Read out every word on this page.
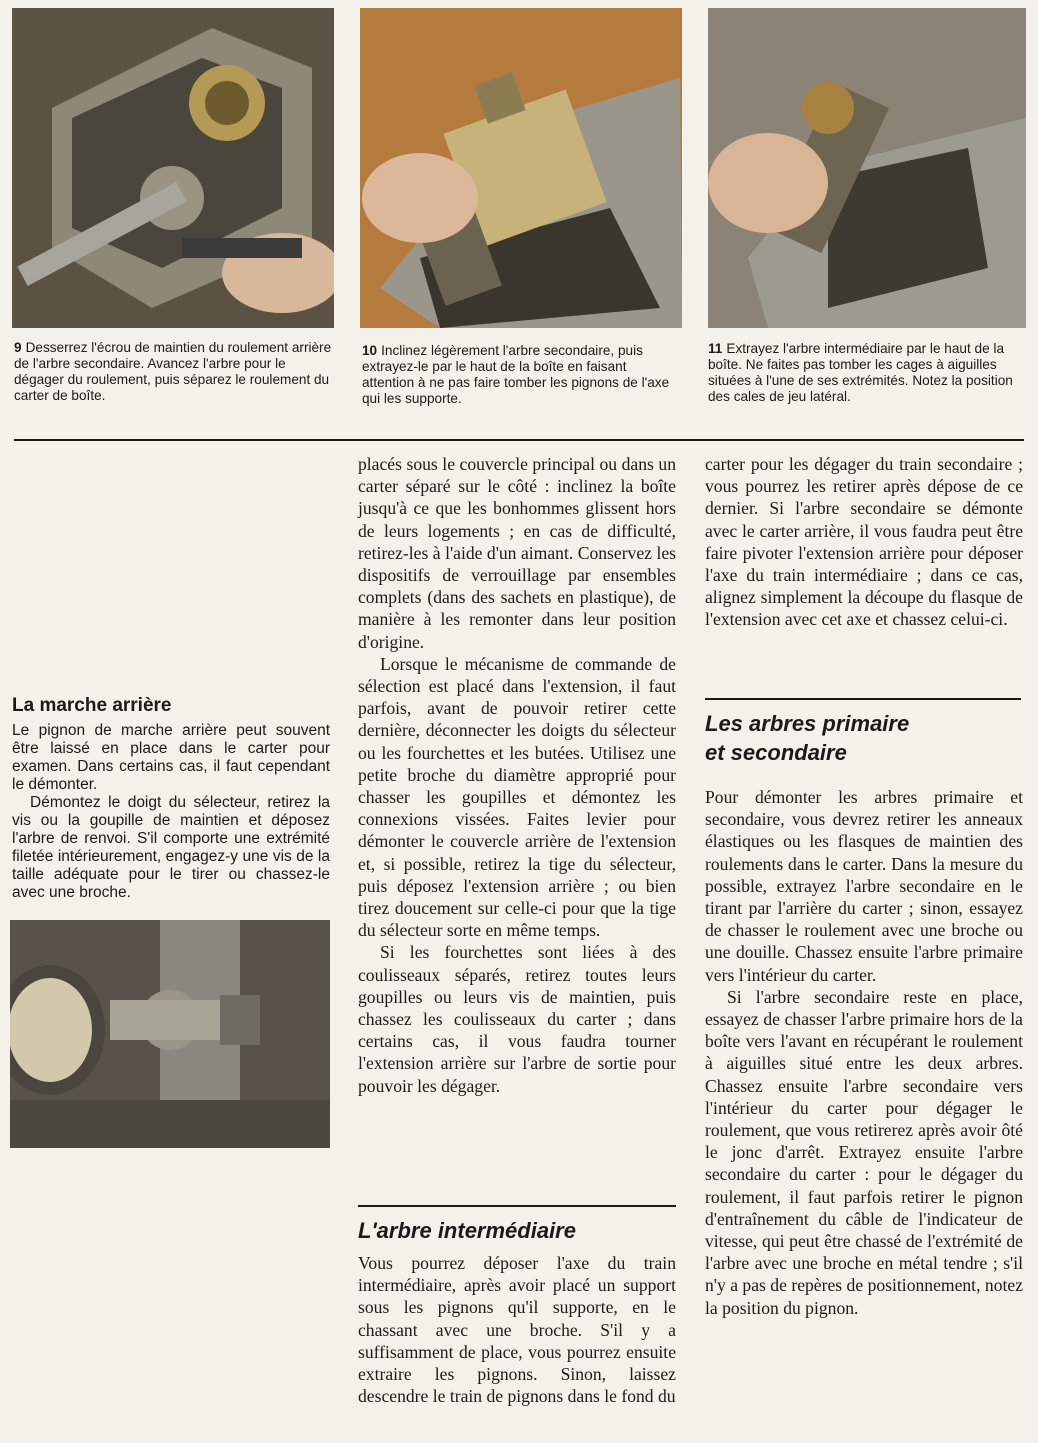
9 Desserrez l'écrou de maintien du roulement arrière de l'arbre secondaire. Avancez l'arbre pour le dégager du roulement, puis séparez le roulement du carter de boîte.

10 Inclinez légèrement l'arbre secondaire, puis extrayez-le par le haut de la boîte en faisant attention à ne pas faire tomber les pignons de l'axe qui les supporte.

11 Extrayez l'arbre intermédiaire par le haut de la boîte. Ne faites pas tomber les cages à aiguilles situées à l'une de ses extrémités. Notez la position des cales de jeu latéral.

La marche arrière

Le pignon de marche arrière peut souvent être laissé en place dans le carter pour examen. Dans certains cas, il faut cependant le démonter.

Démontez le doigt du sélecteur, retirez la vis ou la goupille de maintien et déposez l'arbre de renvoi. S'il comporte une extrémité filetée intérieurement, engagez-y une vis de la taille adéquate pour le tirer ou chassez-le avec une broche.

placés sous le couvercle principal ou dans un carter séparé sur le côté : inclinez la boîte jusqu'à ce que les bonhommes glissent hors de leurs logements ; en cas de difficulté, retirez-les à l'aide d'un aimant. Conservez les dispositifs de verrouillage par ensembles complets (dans des sachets en plastique), de manière à les remonter dans leur position d'origine.

Lorsque le mécanisme de commande de sélection est placé dans l'extension, il faut parfois, avant de pouvoir retirer cette dernière, déconnecter les doigts du sélecteur ou les fourchettes et les butées. Utilisez une petite broche du diamètre approprié pour chasser les goupilles et démontez les connexions vissées. Faites levier pour démonter le couvercle arrière de l'extension et, si possible, retirez la tige du sélecteur, puis déposez l'extension arrière ; ou bien tirez doucement sur celle-ci pour que la tige du sélecteur sorte en même temps.

Si les fourchettes sont liées à des coulisseaux séparés, retirez toutes leurs goupilles ou leurs vis de maintien, puis chassez les coulisseaux du carter ; dans certains cas, il vous faudra tourner l'extension arrière sur l'arbre de sortie pour pouvoir les dégager.

L'arbre intermédiaire

Vous pourrez déposer l'axe du train intermédiaire, après avoir placé un support sous les pignons qu'il supporte, en le chassant avec une broche. S'il y a suffisamment de place, vous pourrez ensuite extraire les pignons. Sinon, laissez descendre le train de pignons dans le fond du

carter pour les dégager du train secondaire ; vous pourrez les retirer après dépose de ce dernier. Si l'arbre secondaire se démonte avec le carter arrière, il vous faudra peut être faire pivoter l'extension arrière pour déposer l'axe du train intermédiaire ; dans ce cas, alignez simplement la découpe du flasque de l'extension avec cet axe et chassez celui-ci.

Les arbres primaire
et secondaire

Pour démonter les arbres primaire et secondaire, vous devrez retirer les anneaux élastiques ou les flasques de maintien des roulements dans le carter. Dans la mesure du possible, extrayez l'arbre secondaire en le tirant par l'arrière du carter ; sinon, essayez de chasser le roulement avec une broche ou une douille. Chassez ensuite l'arbre primaire vers l'intérieur du carter.

Si l'arbre secondaire reste en place, essayez de chasser l'arbre primaire hors de la boîte vers l'avant en récupérant le roulement à aiguilles situé entre les deux arbres. Chassez ensuite l'arbre secondaire vers l'intérieur du carter pour dégager le roulement, que vous retirerez après avoir ôté le jonc d'arrêt. Extrayez ensuite l'arbre secondaire du carter : pour le dégager du roulement, il faut parfois retirer le pignon d'entraînement du câble de l'indicateur de vitesse, qui peut être chassé de l'extrémité de l'arbre avec une broche en métal tendre ; s'il n'y a pas de repères de positionnement, notez la position du pignon.
